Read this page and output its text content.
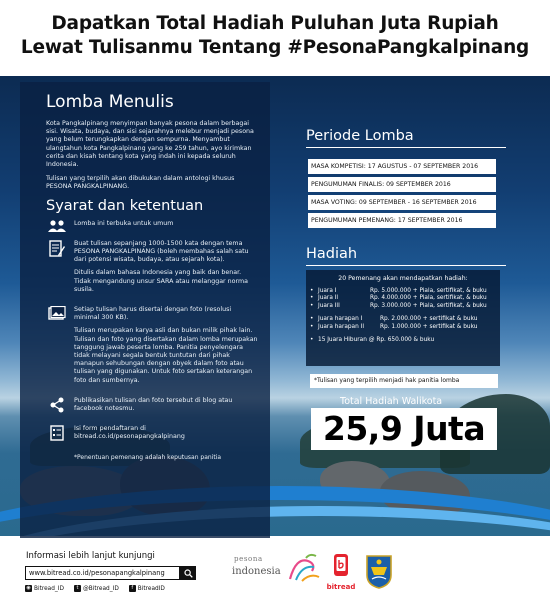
Dapatkan Total Hadiah Puluhan Juta Rupiah
Lewat Tulisanmu Tentang #PesonaPangkalpinang
Lomba Menulis

Kota Pangkalpinang menyimpan banyak pesona dalam berbagai sisi. Wisata, budaya, dan sisi sejarahnya melebur menjadi pesona yang belum terungkapkan dengan sempurna. Menyambut ulangtahun kota Pangkalpinang yang ke 259 tahun, ayo kirimkan cerita dan kisah tentang kota yang indah ini kepada seluruh Indonesia.

Tulisan yang terpilih akan dibukukan dalam antologi khusus PESONA PANGKALPINANG.

Syarat dan ketentuan

Lomba ini terbuka untuk umum

Buat tulisan sepanjang 1000-1500 kata dengan tema PESONA PANGKALPINANG (boleh membahas salah satu dari potensi wisata, budaya, atau sejarah kota).

Ditulis dalam bahasa Indonesia yang baik dan benar. Tidak mengandung unsur SARA atau melanggar norma susila.

Setiap tulisan harus disertai dengan foto (resolusi minimal 300 KB).

Tulisan merupakan karya asli dan bukan milik pihak lain. Tulisan dan foto yang disertakan dalam lomba merupakan tanggung jawab peserta lomba. Panitia penyelengara tidak melayani segala bentuk tuntutan dari pihak manapun sehubungan dengan obyek dalam foto atau tulisan yang digunakan. Untuk foto sertakan keterangan foto dan sumbernya.

Publikasikan tulisan dan foto tersebut di blog atau facebook notesmu.

Isi form pendaftaran di bitread.co.id/pesonapangkalpinang

*Penentuan pemenang adalah keputusan panitia
Periode Lomba
MASA KOMPETISI: 17 AGUSTUS - 07 SEPTEMBER 2016
PENGUMUMAN FINALIS: 09 SEPTEMBER 2016
MASA VOTING: 09 SEPTEMBER - 16 SEPTEMBER 2016
PENGUMUMAN PEMENANG: 17 SEPTEMBER 2016
Hadiah
20 Pemenang akan mendapatkan hadiah:
• Juara I	Rp. 5.000.000 + Piala, sertifikat, & buku
• Juara II	Rp. 4.000.000 + Piala, sertifikat, & buku
• Juara III	Rp. 3.000.000 + Piala, sertifikat, & buku
• Juara harapan I	Rp. 2.000.000 + sertifikat & buku
• Juara harapan II	Rp. 1.000.000 + sertifikat & buku
• 15 Juara Hiburan @ Rp. 650.000 & buku
*Tulisan yang terpilih menjadi hak panitia lomba
Total Hadiah Walikota
25,9 Juta
Informasi lebih lanjut kunjungi
www.bitread.co.id/pesonapangkalpinang
◉ Bitread_ID	t @Bitread_ID	f BitreadID
pesona
indonesia
bitread
